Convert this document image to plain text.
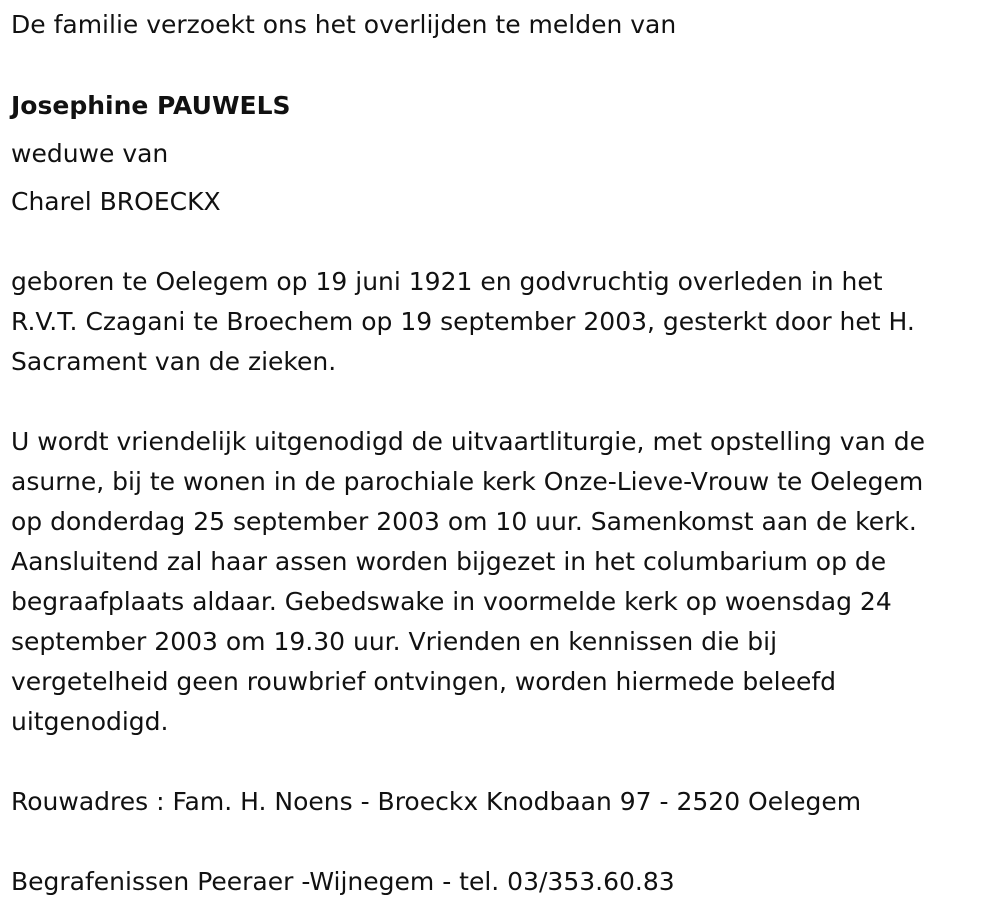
De familie verzoekt ons het overlijden te melden van
Josephine PAUWELS
weduwe van
Charel BROECKX
geboren te Oelegem op 19 juni 1921 en godvruchtig overleden in het
R.V.T. Czagani te Broechem op 19 september 2003, gesterkt door het H.
Sacrament van de zieken.
U wordt vriendelijk uitgenodigd de uitvaartliturgie, met opstelling van de
asurne, bij te wonen in de parochiale kerk Onze-Lieve-Vrouw te Oelegem
op donderdag 25 september 2003 om 10 uur. Samenkomst aan de kerk.
Aansluitend zal haar assen worden bijgezet in het columbarium op de
begraafplaats aldaar. Gebedswake in voormelde kerk op woensdag 24
september 2003 om 19.30 uur. Vrienden en kennissen die bij
vergetelheid geen rouwbrief ontvingen, worden hiermede beleefd
uitgenodigd.
Rouwadres : Fam. H. Noens - Broeckx Knodbaan 97 - 2520 Oelegem
Begrafenissen Peeraer -Wijnegem - tel. 03/353.60.83
